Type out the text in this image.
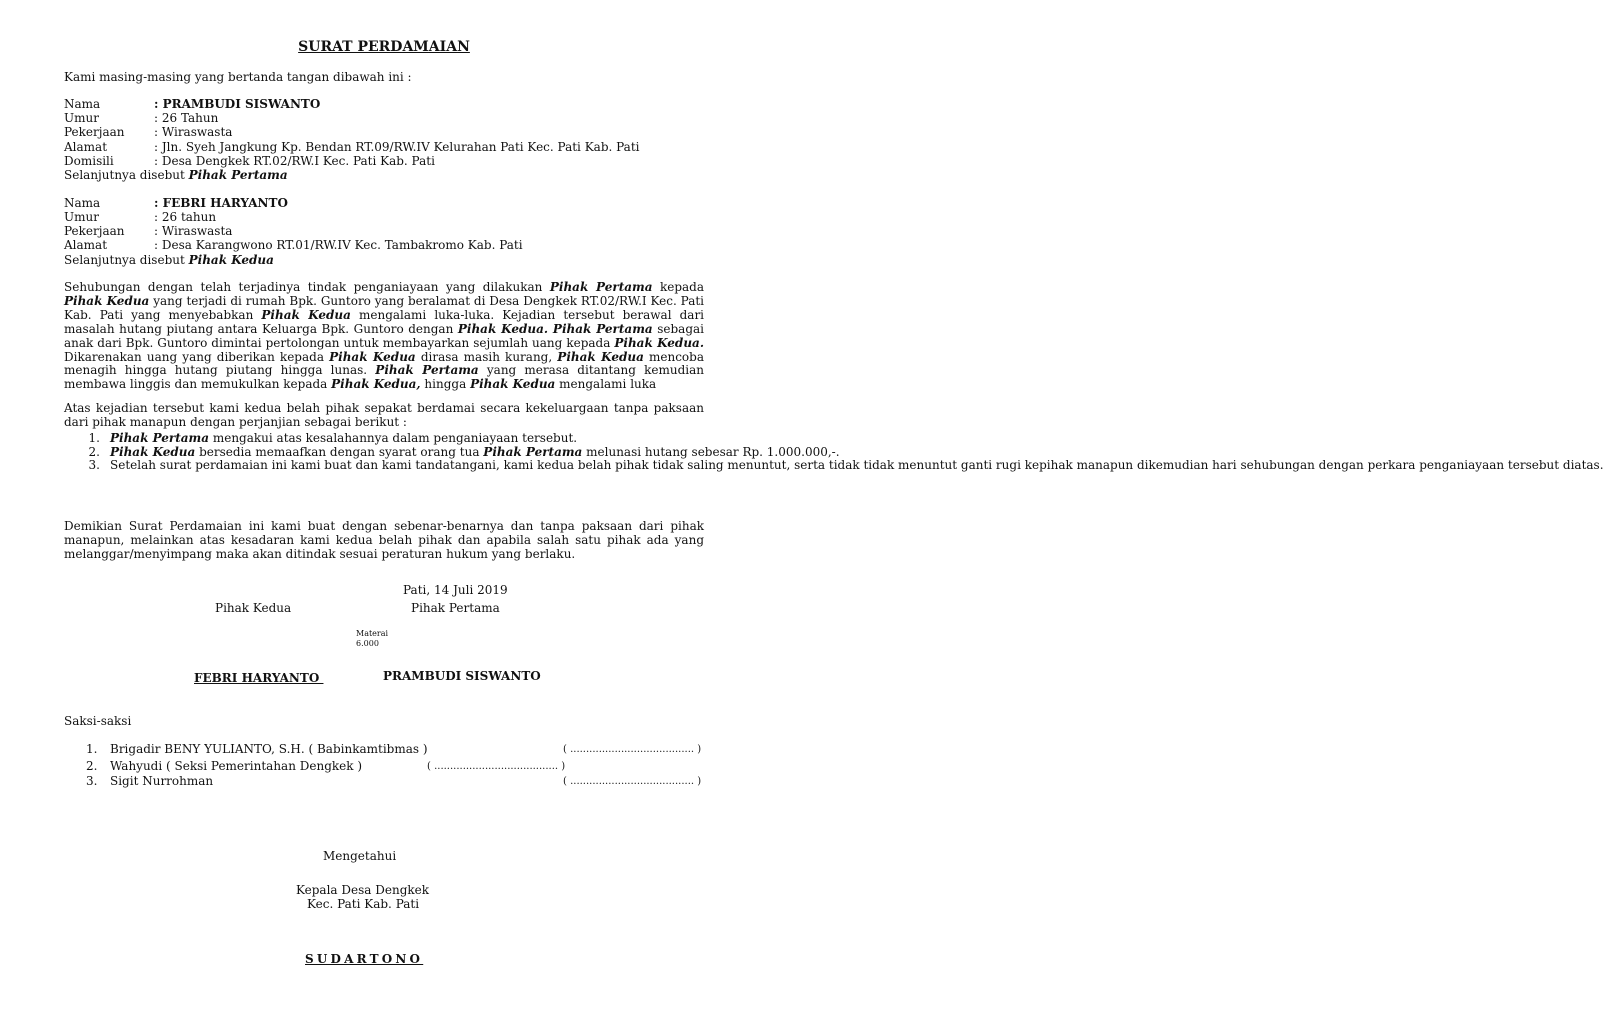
SURAT PERDAMAIAN
Kami masing-masing yang bertanda tangan dibawah ini :
Nama	: PRAMBUDI SISWANTO
Umur	: 26 Tahun
Pekerjaan : Wiraswasta
Alamat	: Jln. Syeh Jangkung Kp. Bendan RT.09/RW.IV Kelurahan Pati Kec. Pati Kab. Pati
Domisili	: Desa Dengkek RT.02/RW.I Kec. Pati Kab. Pati
Selanjutnya disebut Pihak Pertama
Nama	: FEBRI HARYANTO
Umur	: 26 tahun
Pekerjaan : Wiraswasta
Alamat	: Desa Karangwono RT.01/RW.IV Kec. Tambakromo Kab. Pati
Selanjutnya disebut Pihak Kedua
Sehubungan dengan telah terjadinya tindak penganiayaan yang dilakukan Pihak Pertama kepada Pihak Kedua yang terjadi di rumah Bpk. Guntoro yang beralamat di Desa Dengkek RT.02/RW.I Kec. Pati Kab. Pati yang menyebabkan Pihak Kedua mengalami luka-luka. Kejadian tersebut berawal dari masalah hutang piutang antara Keluarga Bpk. Guntoro dengan Pihak Kedua. Pihak Pertama sebagai anak dari Bpk. Guntoro dimintai pertolongan untuk membayarkan sejumlah uang kepada Pihak Kedua. Dikarenakan uang yang diberikan kepada Pihak Kedua dirasa masih kurang, Pihak Kedua mencoba menagih hingga hutang piutang hingga lunas. Pihak Pertama yang merasa ditantang kemudian membawa linggis dan memukulkan kepada Pihak Kedua, hingga Pihak Kedua mengalami luka
Atas kejadian tersebut kami kedua belah pihak sepakat berdamai secara kekeluargaan tanpa paksaan dari pihak manapun dengan perjanjian sebagai berikut :
1. Pihak Pertama mengakui atas kesalahannya dalam penganiayaan tersebut.
2. Pihak Kedua bersedia memaafkan dengan syarat orang tua Pihak Pertama melunasi hutang sebesar Rp. 1.000.000,-.
3. Setelah surat perdamaian ini kami buat dan kami tandatangani, kami kedua belah pihak tidak saling menuntut, serta tidak tidak menuntut ganti rugi kepihak manapun dikemudian hari sehubungan dengan perkara penganiayaan tersebut diatas.
Demikian Surat Perdamaian ini kami buat dengan sebenar-benarnya dan tanpa paksaan dari pihak manapun, melainkan atas kesadaran kami kedua belah pihak dan apabila salah satu pihak ada yang melanggar/menyimpang maka akan ditindak sesuai peraturan hukum yang berlaku.
Pati, 14 Juli 2019
Pihak Kedua	Pihak Pertama
Materai
6.000
FEBRI HARYANTO	PRAMBUDI SISWANTO
Saksi-saksi
1. Brigadir BENY YULIANTO, S.H. ( Babinkamtibmas )	( ....................................... )
2. Wahyudi ( Seksi Pemerintahan Dengkek )	( ....................................... )
3. Sigit Nurrohman	( ....................................... )
Mengetahui
Kepala Desa Dengkek
Kec. Pati Kab. Pati
SUDARTONO
